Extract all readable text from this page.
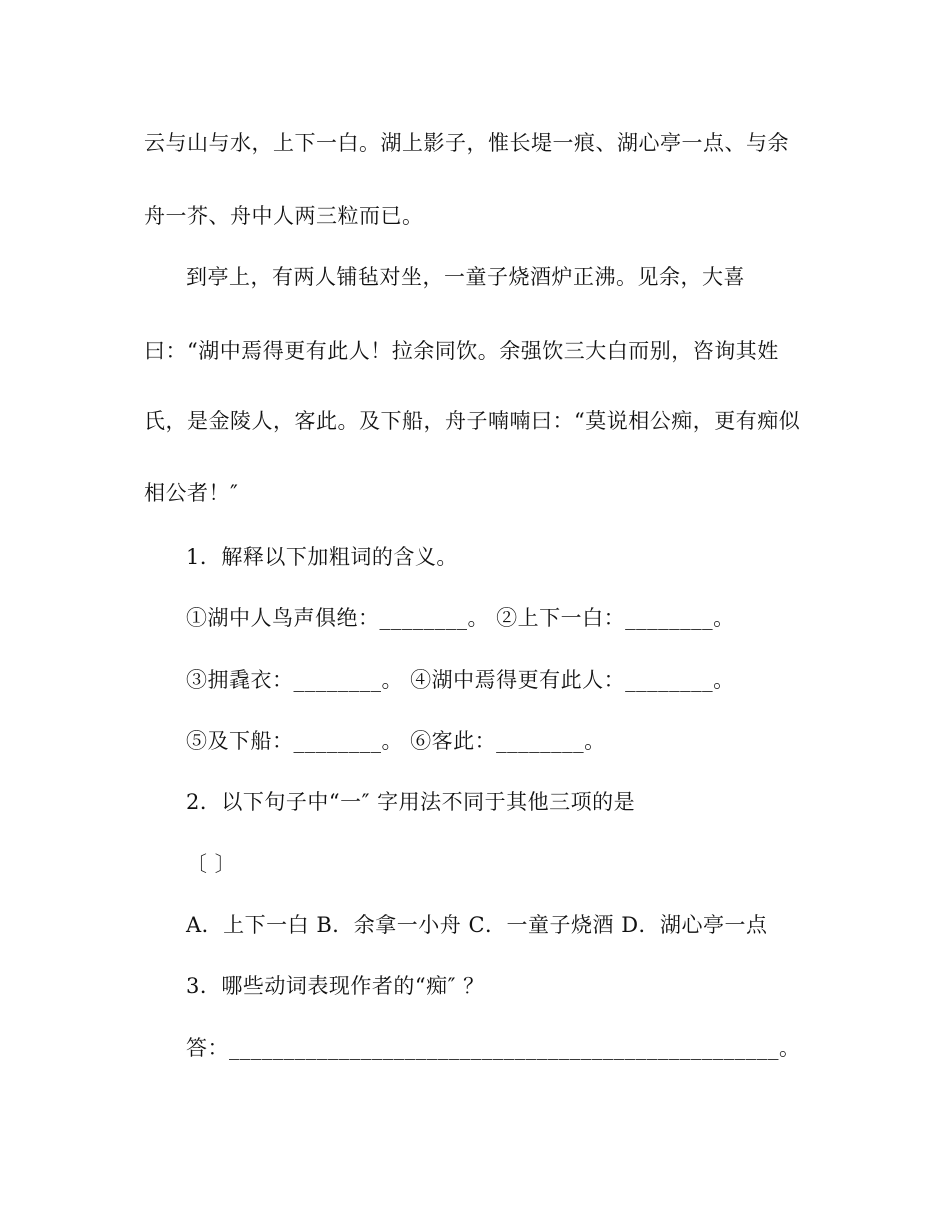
云与山与水，上下一白。湖上影子，惟长堤一痕、湖心亭一点、与余
舟一芥、舟中人两三粒而已。
到亭上，有两人铺毡对坐，一童子烧酒炉正沸。见余，大喜
曰：“湖中焉得更有此人！拉余同饮。余强饮三大白而别，咨询其姓
氏，是金陵人，客此。及下船，舟子喃喃曰：“莫说相公痴，更有痴似
相公者！″
1．解释以下加粗词的含义。
①湖中人鸟声俱绝：________。 ②上下一白：________。
③拥毳衣：________。 ④湖中焉得更有此人：________。
⑤及下船：________。 ⑥客此：________。
2．以下句子中“一″ 字用法不同于其他三项的是
〔 〕
A．上下一白 B．余拿一小舟 C．一童子烧酒 D．湖心亭一点
3．哪些动词表现作者的“痴″ ？
答：__________________________________________________。
